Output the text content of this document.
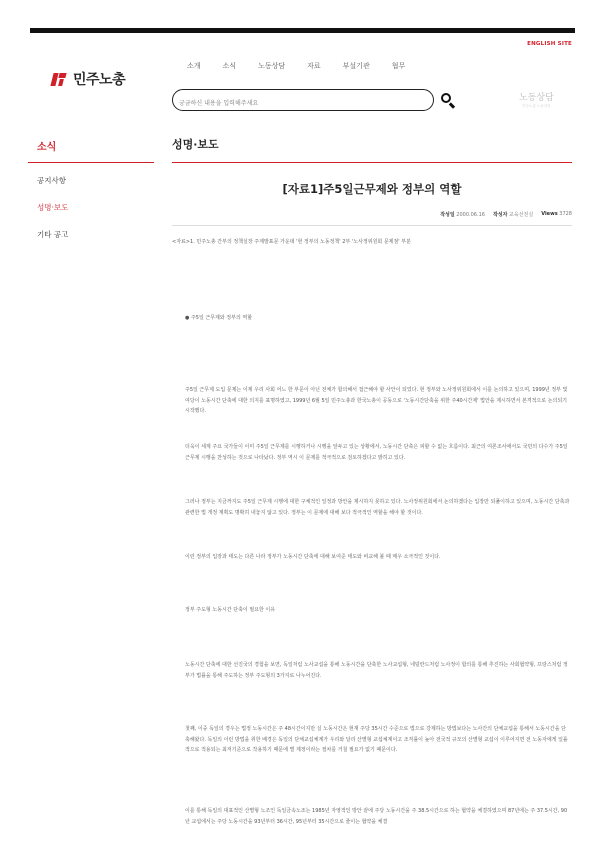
ENGLISH SITE
민주노총
소개	소식	노동상담	자료	부설기관	협무
궁금하신 내용을 입력해주세요
노동상담
민주노총 노동상담
소식	성명·보도
공지사항
성명·보도
기타 공고
[자료1]주5일근무제와 정부의 역할
작성일 2000.06.16 작성자 교육선전실 Views 3728
<자료>1. 민주노총 간부의 정책실장 주제발표문 가운데 '현 정부의 노동정책' 2부 '노사정위원회 문제점' 부분
● 주5일 근무제와 정부의 역할
주5일 근무제 도입 문제는 이제 우리 사회 어느 한 부문이 아닌 전체가 합의해서 접근해야 할 사안이 되었다. 현 정부와 노사정위원회에서 이를 논의하고 있으며, 1999년 정부 및 여당이 노동시간 단축에 대한 의지를 표명하였고, 1999년 6월 5일 민주노총과 한국노총이 공동으로 '노동시간단축을 위한 주40시간제' 법안을 제시하면서 본격적으로 논의되기 시작했다.
더욱이 세계 주요 국가들이 이미 주5일 근무제를 시행하거나 시행을 앞두고 있는 상황에서, 노동시간 단축은 피할 수 없는 흐름이다. 최근의 여론조사에서도 국민의 다수가 주5일 근무제 시행을 찬성하는 것으로 나타났다. 정부 역시 이 문제를 적극적으로 검토하겠다고 밝히고 있다.
그러나 정부는 지금까지도 주5일 근무제 시행에 대한 구체적인 일정과 방안을 제시하지 못하고 있다. 노사정위원회에서 논의하겠다는 입장만 되풀이하고 있으며, 노동시간 단축과 관련한 법 개정 계획도 명확히 내놓지 않고 있다. 정부는 이 문제에 대해 보다 적극적인 역할을 해야 할 것이다.
이런 정부의 입장과 태도는 다른 나라 정부가 노동시간 단축에 대해 보여준 태도와 비교해 볼 때 매우 소극적인 것이다.
정부 주도형 노동시간 단축이 필요한 이유
노동시간 단축에 대한 선진국의 경험을 보면, 독일처럼 노사교섭을 통해 노동시간을 단축한 노사교섭형, 네덜란드처럼 노사정이 합의를 통해 추진하는 사회협약형, 프랑스처럼 정부가 법률을 통해 주도하는 정부 주도형의 3가지로 나누어진다.
첫째, 이중 독일의 경우는 법정 노동시간은 주 48시간이지만 실 노동시간은 현재 주당 35시간 수준으로 법으로 강제하는 방법보다는 노사간의 단체교섭을 통해서 노동시간을 단축해왔다. 독일의 이런 방법을 취한 배경은 독일의 단체교섭체계가 우리와 달리 산별형 교섭체계이고 조직률이 높아 전국적 규모의 산별형 교섭이 이루어지면 전 노동자에게 일률적으로 적용되는 최저기준으로 작용하기 때문에 별 제정이라는 절차를 거칠 필요가 없기 때문이다.
이를 통해 독일의 대표적인 산별형 노조인 독일금속노조는 1985년 자영적인 방안 끝에 주당 노동시간을 주 38.5시간으로 하는 협약을 체결하였으며 87년에는 주 37.5시간, 90년 교섭에서는 주당 노동시간을 93년부터 36시간, 95년부터 35시간으로 줄이는 협약을 체결
